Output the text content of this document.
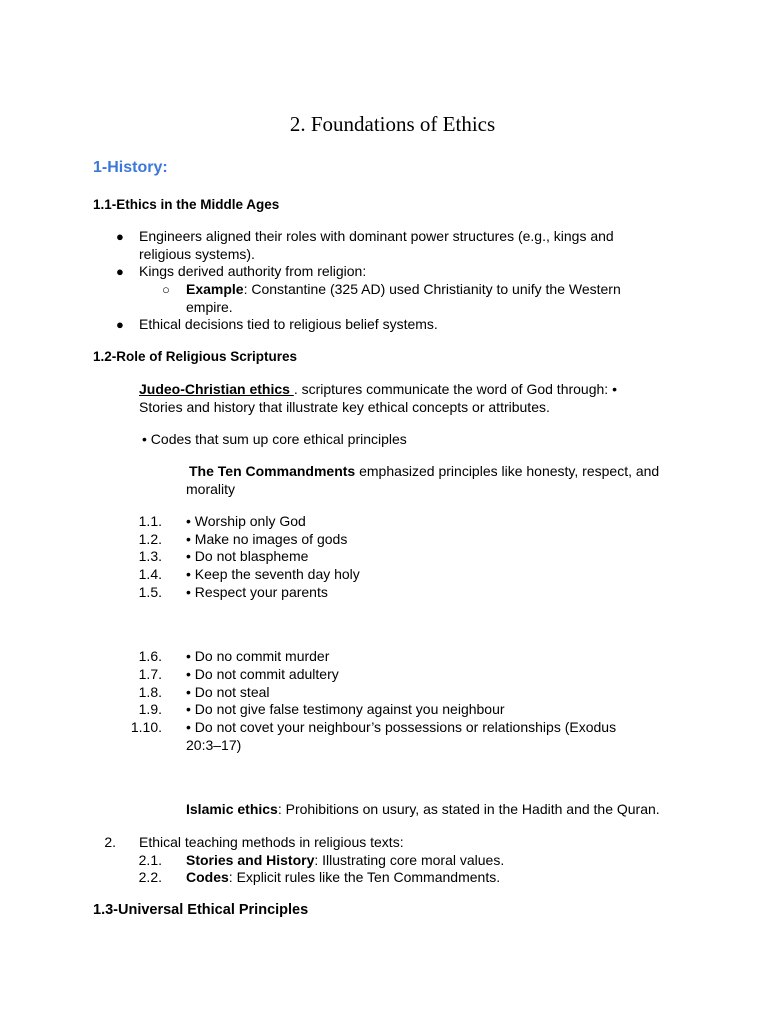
2. Foundations of Ethics
1-History:
1.1-Ethics in the Middle Ages
● Engineers aligned their roles with dominant power structures (e.g., kings and
religious systems).
● Kings derived authority from religion:
○ Example: Constantine (325 AD) used Christianity to unify the Western
empire.
● Ethical decisions tied to religious belief systems.
1.2-Role of Religious Scriptures
Judeo-Christian ethics . scriptures communicate the word of God through: •
Stories and history that illustrate key ethical concepts or attributes.
• Codes that sum up core ethical principles
The Ten Commandments emphasized principles like honesty, respect, and
morality
1.1. • Worship only God
1.2. • Make no images of gods
1.3. • Do not blaspheme
1.4. • Keep the seventh day holy
1.5. • Respect your parents
1.6. • Do no commit murder
1.7. • Do not commit adultery
1.8. • Do not steal
1.9. • Do not give false testimony against you neighbour
1.10. • Do not covet your neighbour’s possessions or relationships (Exodus
20:3–17)
Islamic ethics: Prohibitions on usury, as stated in the Hadith and the Quran.
2. Ethical teaching methods in religious texts:
2.1. Stories and History: Illustrating core moral values.
2.2. Codes: Explicit rules like the Ten Commandments.
1.3-Universal Ethical Principles
